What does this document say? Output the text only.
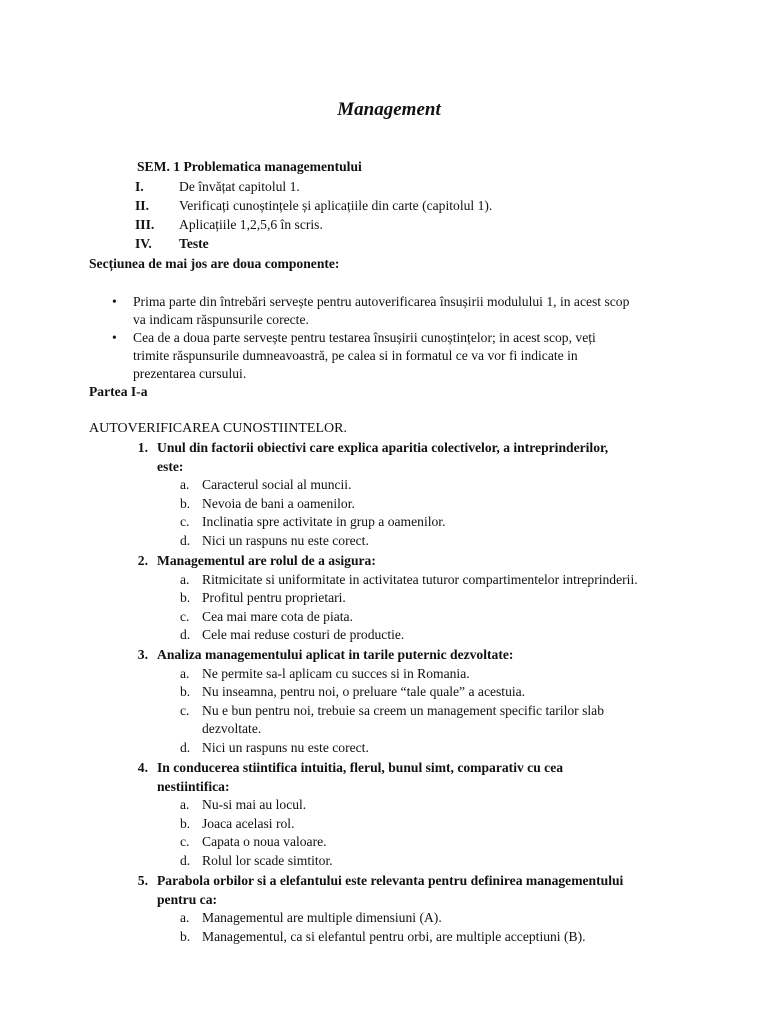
Management
SEM. 1 Problematica managementului
I.	De învățat capitolul 1.
II.	Verificați cunoștințele și aplicațiile din carte (capitolul 1).
III.	Aplicațiile 1,2,5,6 în scris.
IV.	Teste
Secțiunea de mai jos are doua componente:
•	Prima parte din întrebări servește pentru autoverificarea însușirii modulului 1, in acest scop
va indicam răspunsurile corecte.
•	Cea de a doua parte servește pentru testarea însușirii cunoștințelor; in acest scop, veți
trimite răspunsurile dumneavoastră, pe calea si in formatul ce va vor fi indicate in
prezentarea cursului.
Partea I-a
AUTOVERIFICAREA CUNOSTIINTELOR.
1. Unul din factorii obiectivi care explica aparitia colectivelor, a intreprinderilor,
este:
a. Caracterul social al muncii.
b. Nevoia de bani a oamenilor.
c. Inclinatia spre activitate in grup a oamenilor.
d. Nici un raspuns nu este corect.
2. Managementul are rolul de a asigura:
a. Ritmicitate si uniformitate in activitatea tuturor compartimentelor intreprinderii.
b. Profitul pentru proprietari.
c. Cea mai mare cota de piata.
d. Cele mai reduse costuri de productie.
3. Analiza managementului aplicat in tarile puternic dezvoltate:
a. Ne permite sa-l aplicam cu succes si in Romania.
b. Nu inseamna, pentru noi, o preluare “tale quale” a acestuia.
c. Nu e bun pentru noi, trebuie sa creem un management specific tarilor slab
dezvoltate.
d. Nici un raspuns nu este corect.
4. In conducerea stiintifica intuitia, flerul, bunul simt, comparativ cu cea
nestiintifica:
a. Nu-si mai au locul.
b. Joaca acelasi rol.
c. Capata o noua valoare.
d. Rolul lor scade simtitor.
5. Parabola orbilor si a elefantului este relevanta pentru definirea managementului
pentru ca:
a. Managementul are multiple dimensiuni (A).
b. Managementul, ca si elefantul pentru orbi, are multiple acceptiuni (B).
